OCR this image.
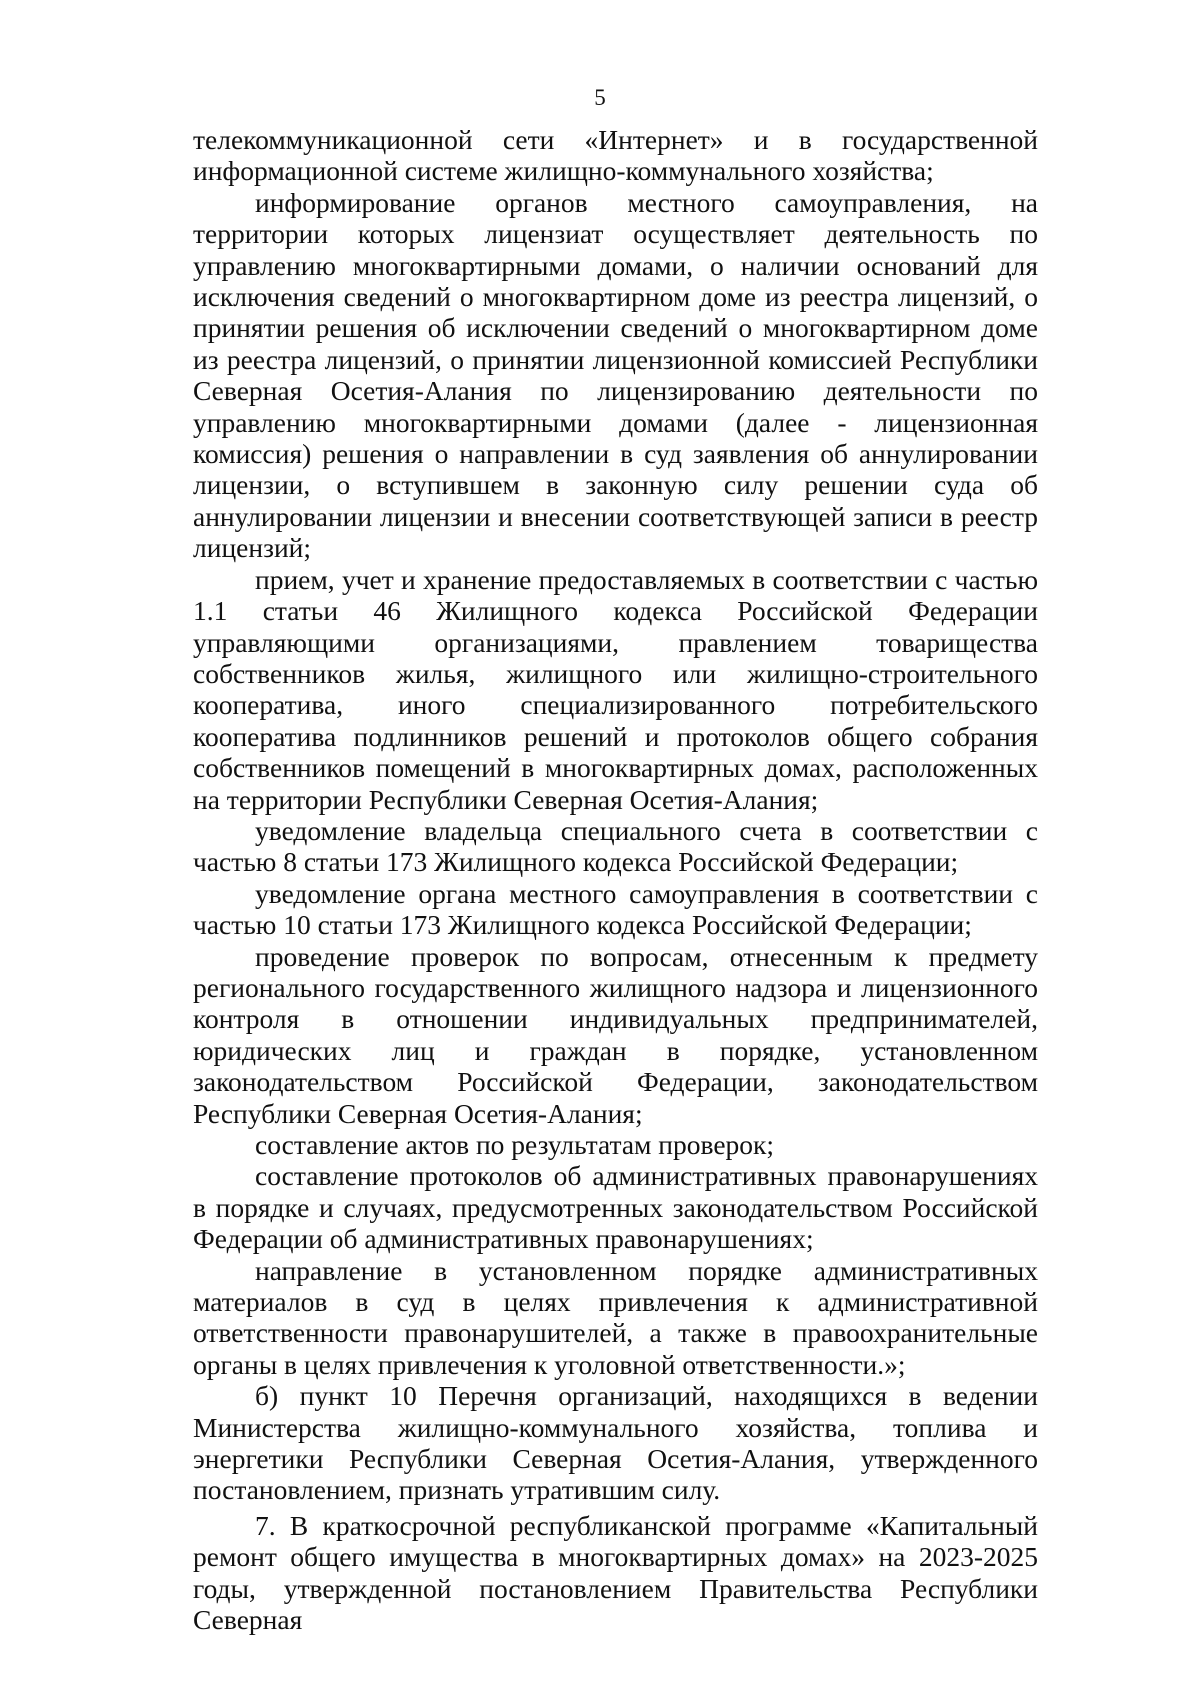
5

телекоммуникационной сети «Интернет» и в государственной информационной системе жилищно-коммунального хозяйства;

информирование органов местного самоуправления, на территории которых лицензиат осуществляет деятельность по управлению многоквартирными домами, о наличии оснований для исключения сведений о многоквартирном доме из реестра лицензий, о принятии решения об исключении сведений о многоквартирном доме из реестра лицензий, о принятии лицензионной комиссией Республики Северная Осетия-Алания по лицензированию деятельности по управлению многоквартирными домами (далее - лицензионная комиссия) решения о направлении в суд заявления об аннулировании лицензии, о вступившем в законную силу решении суда об аннулировании лицензии и внесении соответствующей записи в реестр лицензий;

прием, учет и хранение предоставляемых в соответствии с частью 1.1 статьи 46 Жилищного кодекса Российской Федерации управляющими организациями, правлением товарищества собственников жилья, жилищного или жилищно-строительного кооператива, иного специализированного потребительского кооператива подлинников решений и протоколов общего собрания собственников помещений в многоквартирных домах, расположенных на территории Республики Северная Осетия-Алания;

уведомление владельца специального счета в соответствии с частью 8 статьи 173 Жилищного кодекса Российской Федерации;

уведомление органа местного самоуправления в соответствии с частью 10 статьи 173 Жилищного кодекса Российской Федерации;

проведение проверок по вопросам, отнесенным к предмету регионального государственного жилищного надзора и лицензионного контроля в отношении индивидуальных предпринимателей, юридических лиц и граждан в порядке, установленном законодательством Российской Федерации, законодательством Республики Северная Осетия-Алания;

составление актов по результатам проверок;

составление протоколов об административных правонарушениях в порядке и случаях, предусмотренных законодательством Российской Федерации об административных правонарушениях;

направление в установленном порядке административных материалов в суд в целях привлечения к административной ответственности правонарушителей, а также в правоохранительные органы в целях привлечения к уголовной ответственности.»;

б) пункт 10 Перечня организаций, находящихся в ведении Министерства жилищно-коммунального хозяйства, топлива и энергетики Республики Северная Осетия-Алания, утвержденного постановлением, признать утратившим силу.

7. В краткосрочной республиканской программе «Капитальный ремонт общего имущества в многоквартирных домах» на 2023-2025 годы, утвержденной постановлением Правительства Республики Северная
